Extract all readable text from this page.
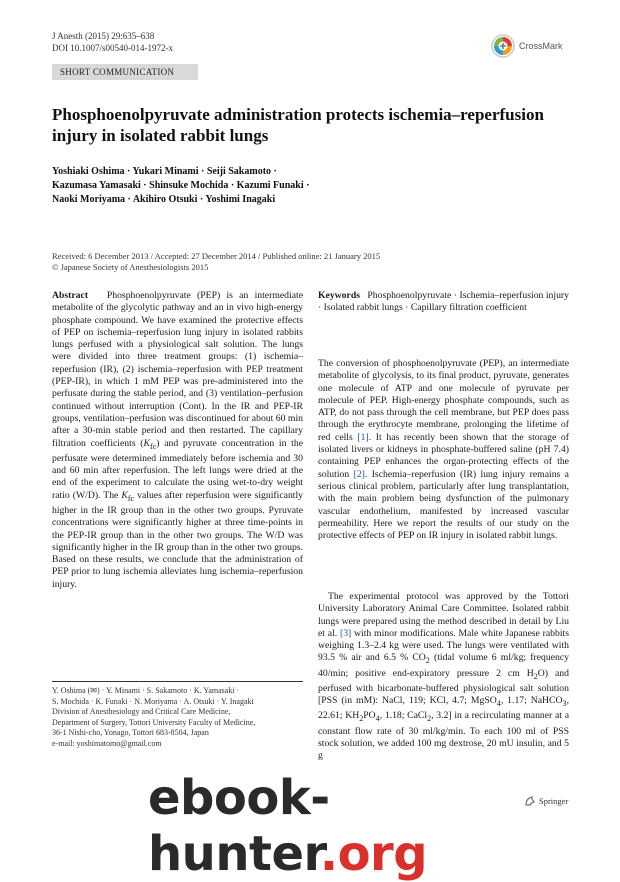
J Anesth (2015) 29:635–638
DOI 10.1007/s00540-014-1972-x	CrossMark
SHORT COMMUNICATION
Phosphoenolpyruvate administration protects ischemia–reperfusion injury in isolated rabbit lungs
Yoshiaki Oshima · Yukari Minami · Seiji Sakamoto ·
Kazumasa Yamasaki · Shinsuke Mochida · Kazumi Funaki ·
Naoki Moriyama · Akihiro Otsuki · Yoshimi Inagaki
Received: 6 December 2013 / Accepted: 27 December 2014 / Published online: 21 January 2015
© Japanese Society of Anesthesiologists 2015

Abstract Phosphoenolpyruvate (PEP) is an intermediate metabolite of the glycolytic pathway and an in vivo high-energy phosphate compound. We have examined the protective effects of PEP on ischemia–reperfusion lung injury in isolated rabbits lungs perfused with a physiological salt solution. The lungs were divided into three treatment groups: (1) ischemia–reperfusion (IR), (2) ischemia–reperfusion with PEP treatment (PEP-IR), in which 1 mM PEP was pre-administered into the perfusate during the stable period, and (3) ventilation–perfusion continued without interruption (Cont). In the IR and PEP-IR groups, ventilation–perfusion was discontinued for about 60 min after a 30-min stable period and then restarted. The capillary filtration coefficients $(K_{fc})$ and pyruvate concentration in the perfusate were determined immediately before ischemia and 30 and 60 min after reperfusion. The left lungs were dried at the end of the experiment to calculate the using wet-to-dry weight ratio (W/D). The $K_{fc}$ values after reperfusion were significantly higher in the IR group than in the other two groups. Pyruvate concentrations were significantly higher at three time-points in the PEP-IR group than in the other two groups. The W/D was significantly higher in the IR group than in the other two groups. Based on these results, we conclude that the administration of PEP prior to lung ischemia alleviates lung ischemia–reperfusion injury.

Keywords Phosphoenolpyruvate · Ischemia–reperfusion injury · Isolated rabbit lungs · Capillary filtration coefficient

The conversion of phosphoenolpyruvate (PEP), an intermediate metabolite of glycolysis, to its final product, pyruvate, generates one molecule of ATP and one molecule of pyruvate per molecule of PEP. High-energy phosphate compounds, such as ATP, do not pass through the cell membrane, but PEP does pass through the erythrocyte membrane, prolonging the lifetime of red cells [1]. It has recently been shown that the storage of isolated livers or kidneys in phosphate-buffered saline (pH 7.4) containing PEP enhances the organ-protecting effects of the solution [2]. Ischemia–reperfusion (IR) lung injury remains a serious clinical problem, particularly after lung transplantation, with the main problem being dysfunction of the pulmonary vascular endothelium, manifested by increased vascular permeability. Here we report the results of our study on the protective effects of PEP on IR injury in isolated rabbit lungs.

The experimental protocol was approved by the Tottori University Laboratory Animal Care Committee. Isolated rabbit lungs were prepared using the method described in detail by Liu et al. [3] with minor modifications. Male white Japanese rabbits weighing 1.3–2.4 kg were used. The lungs were ventilated with 93.5 % air and 6.5 % $CO_2$ (tidal volume 6 ml/kg; frequency 40/min; positive end-expiratory pressure 2 cm $H_2O$) and perfused with bicarbonate-buffered physiological salt solution [PSS (in mM): NaCl, 119; KCl, 4.7; MgSO$_4$, 1.17; NaHCO$_3$, 22.61; $KH_2PO_4$, 1.18; CaCl$_2$, 3.2] in a recirculating manner at a constant flow rate of 30 ml/kg/min. To each 100 ml of PSS stock solution, we added 100 mg dextrose, 20 mU insulin, and 5 g

Y. Oshima (✉) · Y. Minami · S. Sakamoto · K. Yamasaki ·
S. Mochida · K. Funaki · N. Moriyama · A. Otsuki · Y. Inagaki
Division of Anesthesiology and Critical Care Medicine,
Department of Surgery, Tottori University Faculty of Medicine,
36-1 Nishi-cho, Yonago, Tottori 683-8504, Japan
e-mail: yoshimatomo@gmail.com
Springer
ebook-hunter.org
